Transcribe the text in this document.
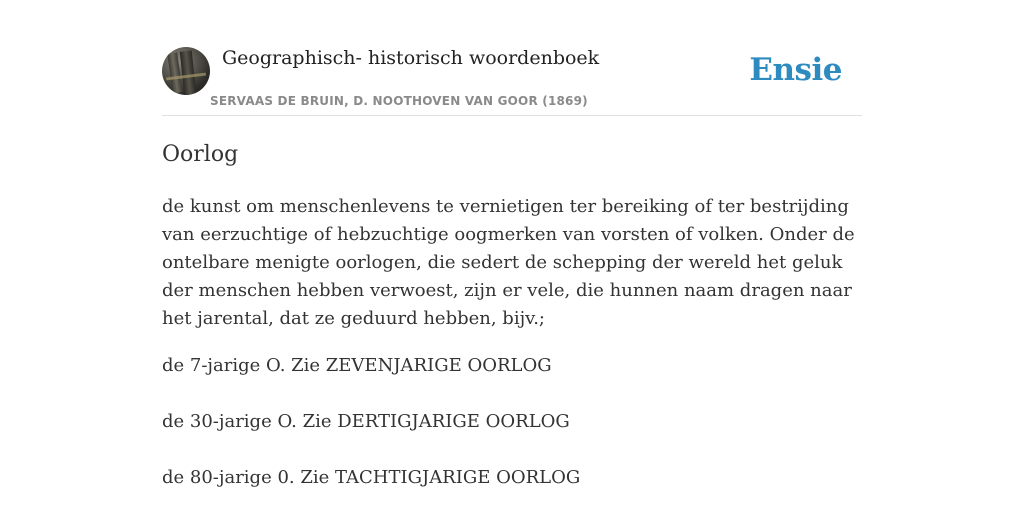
Geographisch- historisch woordenboek
SERVAAS DE BRUIN, D. NOOTHOVEN VAN GOOR (1869)
Ensie
Oorlog

de kunst om menschenlevens te vernietigen ter bereiking of ter bestrijding van eerzuchtige of hebzuchtige oogmerken van vorsten of volken. Onder de ontelbare menigte oorlogen, die sedert de schepping der wereld het geluk der menschen hebben verwoest, zijn er vele, die hunnen naam dragen naar het jarental, dat ze geduurd hebben, bijv.;

de 7-jarige O. Zie ZEVENJARIGE OORLOG

de 30-jarige O. Zie DERTIGJARIGE OORLOG

de 80-jarige 0. Zie TACHTIGJARIGE OORLOG
